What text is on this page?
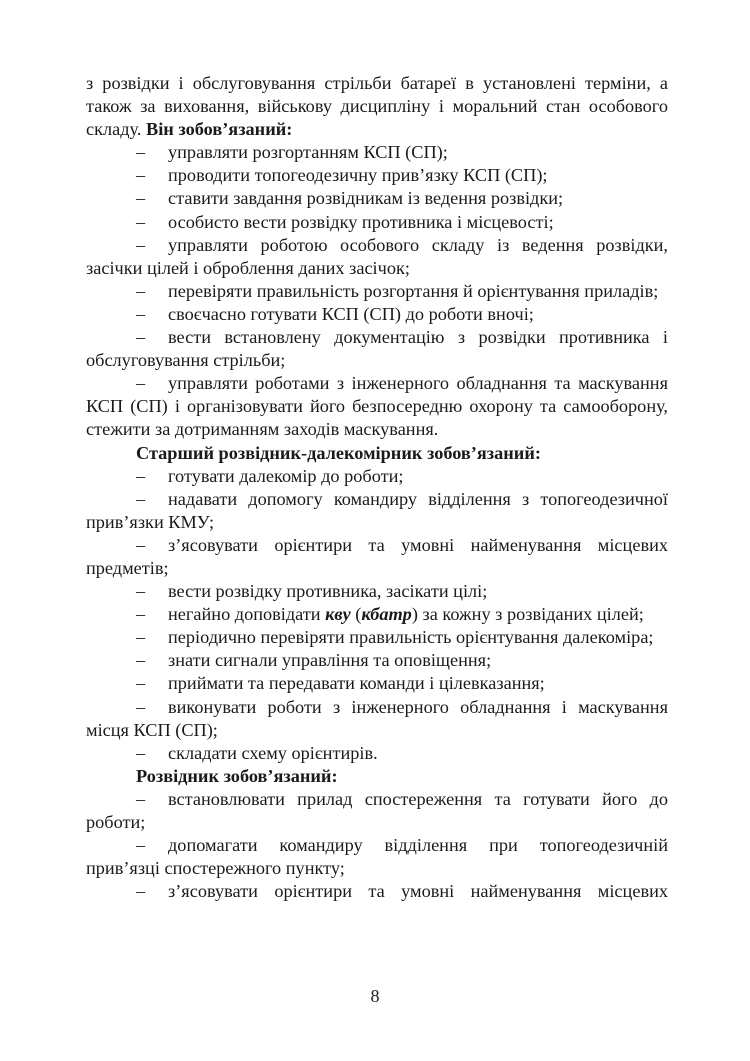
з розвідки і обслуговування стрільби батареї в установлені терміни, а також за виховання, військову дисципліну і моральний стан особового складу. Він зобов’язаний:

– управляти розгортанням КСП (СП);

– проводити топогеодезичну прив’язку КСП (СП);

– ставити завдання розвідникам із ведення розвідки;

– особисто вести розвідку противника і місцевості;

– управляти роботою особового складу із ведення розвідки, засічки цілей і оброблення даних засічок;

– перевіряти правильність розгортання й орієнтування приладів;

– своєчасно готувати КСП (СП) до роботи вночі;

– вести встановлену документацію з розвідки противника і обслуговування стрільби;

– управляти роботами з інженерного обладнання та маскування КСП (СП) і організовувати його безпосередню охорону та самооборону, стежити за дотриманням заходів маскування.

Старший розвідник-далекомірник зобов’язаний:

– готувати далекомір до роботи;

– надавати допомогу командиру відділення з топогеодезичної прив’язки КМУ;

– з’ясовувати орієнтири та умовні найменування місцевих предметів;

– вести розвідку противника, засікати цілі;

– негайно доповідати кву (кбатр) за кожну з розвіданих цілей;

– періодично перевіряти правильність орієнтування далекоміра;

– знати сигнали управління та оповіщення;

– приймати та передавати команди і цілевказання;

– виконувати роботи з інженерного обладнання і маскування місця КСП (СП);

– складати схему орієнтирів.

Розвідник зобов’язаний:

– встановлювати прилад спостереження та готувати його до роботи;

– допомагати командиру відділення при топогеодезичній прив’язці спостережного пункту;

– з’ясовувати орієнтири та умовні найменування місцевих

8
